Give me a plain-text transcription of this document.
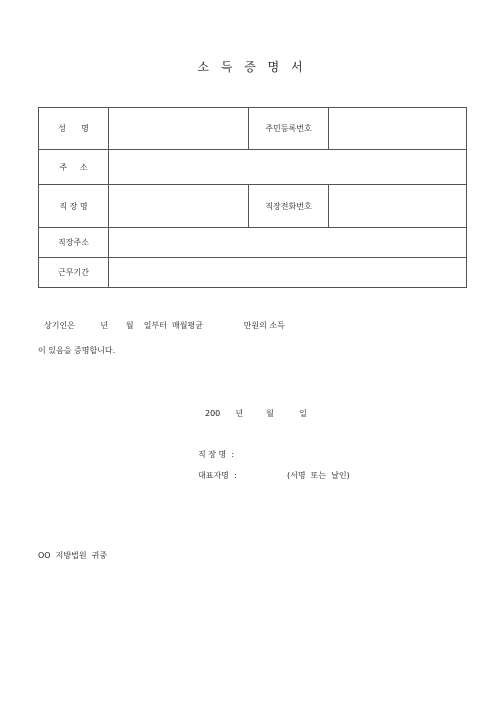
소 득 증 명 서
성      명		주민등록번호	
주     소			
직 장 명		직장전화번호	
직장주소			
근무기간			
상기인은          년       월    일부터  매월평균                만원의 소득
이 있음을 증명합니다.
200      년         월          일
직 장 명  :
대표자명  :	(서명  또는  날인)
OO  지방법원  귀중
